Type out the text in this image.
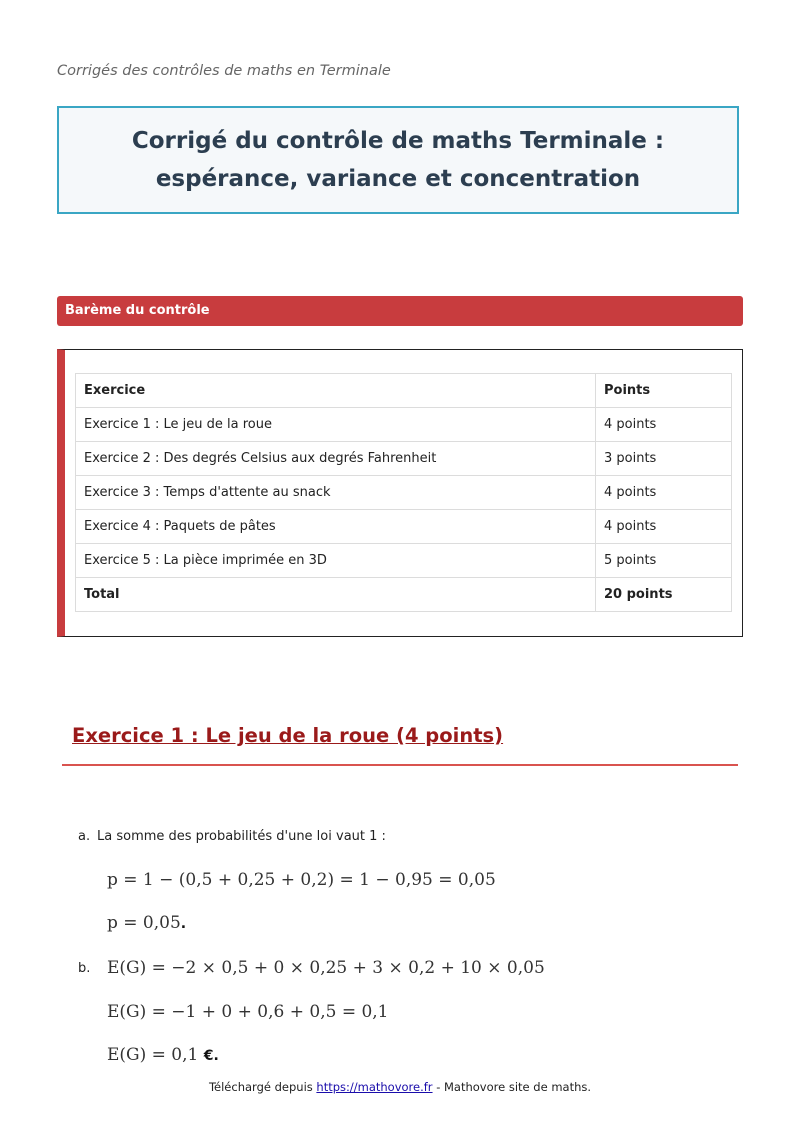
Corrigés des contrôles de maths en Terminale
Corrigé du contrôle de maths Terminale : espérance, variance et concentration
Barème du contrôle
Exercice	Points
Exercice 1 : Le jeu de la roue	4 points
Exercice 2 : Des degrés Celsius aux degrés Fahrenheit	3 points
Exercice 3 : Temps d'attente au snack	4 points
Exercice 4 : Paquets de pâtes	4 points
Exercice 5 : La pièce imprimée en 3D	5 points
Total	20 points
Exercice 1 : Le jeu de la roue (4 points)
a. La somme des probabilités d'une loi vaut 1 :
p = 1 − (0,5 + 0,25 + 0,2) = 1 − 0,95 = 0,05
p = 0,05.
b. E(G) = −2 × 0,5 + 0 × 0,25 + 3 × 0,2 + 10 × 0,05
E(G) = −1 + 0 + 0,6 + 0,5 = 0,1
E(G) = 0,1 €.
Téléchargé depuis https://mathovore.fr - Mathovore site de maths.
